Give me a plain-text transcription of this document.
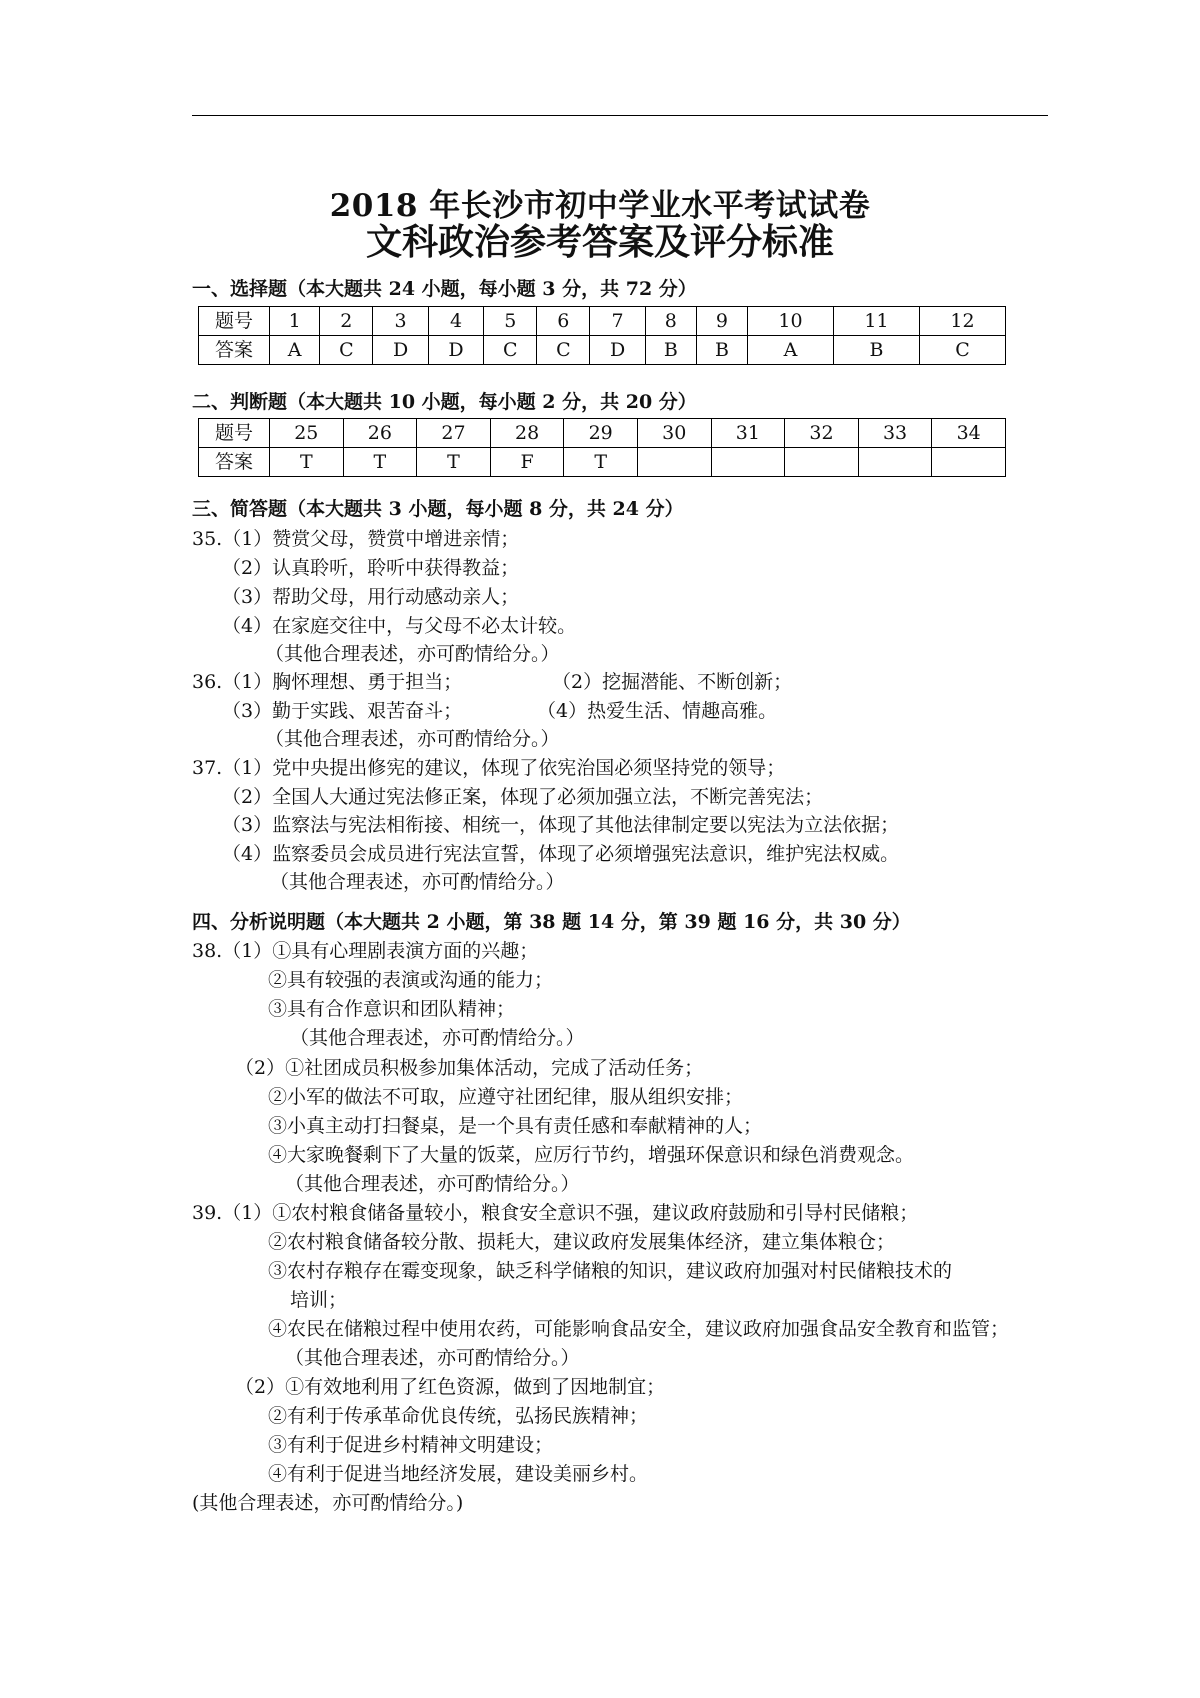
2018 年长沙市初中学业水平考试试卷
文科政治参考答案及评分标准
一、选择题（本大题共 24 小题，每小题 3 分，共 72 分）
题号	1	2	3	4	5	6	7	8	9	10	11	12
答案	A	C	D	D	C	C	D	B	B	A	B	C
二、判断题（本大题共 10 小题，每小题 2 分，共 20 分）
题号	25	26	27	28	29	30	31	32	33	34
答案	T	T	T	F	T					
三、简答题（本大题共 3 小题，每小题 8 分，共 24 分）
35.（1）赞赏父母，赞赏中增进亲情；
（2）认真聆听，聆听中获得教益；
（3）帮助父母，用行动感动亲人；
（4）在家庭交往中，与父母不必太计较。
（其他合理表述，亦可酌情给分。）
36.（1）胸怀理想、勇于担当；	（2）挖掘潜能、不断创新；
（3）勤于实践、艰苦奋斗；	（4）热爱生活、情趣高雅。
（其他合理表述，亦可酌情给分。）
37.（1）党中央提出修宪的建议，体现了依宪治国必须坚持党的领导；
（2）全国人大通过宪法修正案，体现了必须加强立法，不断完善宪法；
（3）监察法与宪法相衔接、相统一，体现了其他法律制定要以宪法为立法依据；
（4）监察委员会成员进行宪法宣誓，体现了必须增强宪法意识，维护宪法权威。
（其他合理表述，亦可酌情给分。）
四、分析说明题（本大题共 2 小题，第 38 题 14 分，第 39 题 16 分，共 30 分）
38.（1）①具有心理剧表演方面的兴趣；
②具有较强的表演或沟通的能力；
③具有合作意识和团队精神；
（其他合理表述，亦可酌情给分。）
（2）①社团成员积极参加集体活动，完成了活动任务；
②小军的做法不可取，应遵守社团纪律，服从组织安排；
③小真主动打扫餐桌，是一个具有责任感和奉献精神的人；
④大家晚餐剩下了大量的饭菜，应厉行节约，增强环保意识和绿色消费观念。
（其他合理表述，亦可酌情给分。）
39.（1）①农村粮食储备量较小，粮食安全意识不强，建议政府鼓励和引导村民储粮；
②农村粮食储备较分散、损耗大，建议政府发展集体经济，建立集体粮仓；
③农村存粮存在霉变现象，缺乏科学储粮的知识，建议政府加强对村民储粮技术的
培训；
④农民在储粮过程中使用农药，可能影响食品安全，建议政府加强食品安全教育和监管；
（其他合理表述，亦可酌情给分。）
（2）①有效地利用了红色资源，做到了因地制宜；
②有利于传承革命优良传统，弘扬民族精神；
③有利于促进乡村精神文明建设；
④有利于促进当地经济发展，建设美丽乡村。
(其他合理表述，亦可酌情给分。)
